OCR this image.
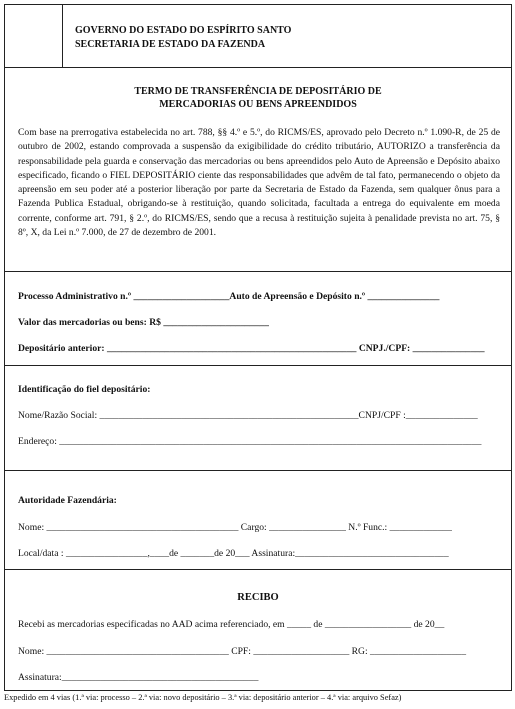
GOVERNO DO ESTADO DO ESPÍRITO SANTO
SECRETARIA DE ESTADO DA FAZENDA
TERMO DE TRANSFERÊNCIA DE DEPOSITÁRIO DE
MERCADORIAS OU BENS APREENDIDOS
Com base na prerrogativa estabelecida no art. 788, §§ 4.º e 5.º, do RICMS/ES, aprovado pelo Decreto n.º 1.090-R, de 25 de outubro de 2002, estando comprovada a suspensão da exigibilidade do crédito tributário, AUTORIZO a transferência da responsabilidade pela guarda e conservação das mercadorias ou bens apreendidos pelo Auto de Apreensão e Depósito abaixo especificado, ficando o FIEL DEPOSITÁRIO ciente das responsabilidades que advêm de tal fato, permanecendo o objeto da apreensão em seu poder até a posterior liberação por parte da Secretaria de Estado da Fazenda, sem qualquer ônus para a Fazenda Publica Estadual, obrigando-se à restituição, quando solicitada, facultada a entrega do equivalente em moeda corrente, conforme art. 791, § 2.º, do RICMS/ES, sendo que a recusa à restituição sujeita à penalidade prevista no art. 75, § 8º, X, da Lei n.º 7.000, de 27 de dezembro de 2001.
Processo Administrativo n.º ____________________Auto de Apreensão e Depósito n.º _______________
Valor das mercadorias ou bens: R$ ______________________
Depositário anterior: ____________________________________________________ CNPJ./CPF: _______________
Identificação do fiel depositário:
Nome/Razão Social: ______________________________________________________CNPJ/CPF :_______________
Endereço: ________________________________________________________________________________________
Autoridade Fazendária:
Nome: ________________________________________ Cargo: ________________ N.º Func.: _____________
Local/data : _________________,____de _______de 20___ Assinatura:________________________________
RECIBO
Recebi as mercadorias especificadas no AAD acima referenciado, em _____ de __________________ de 20__
Nome: ______________________________________ CPF: ____________________ RG: ____________________
Assinatura:_________________________________________
Expedido em 4 vias (1.ª via: processo – 2.ª via: novo depositário – 3.ª via: depositário anterior – 4.ª via: arquivo Sefaz)
